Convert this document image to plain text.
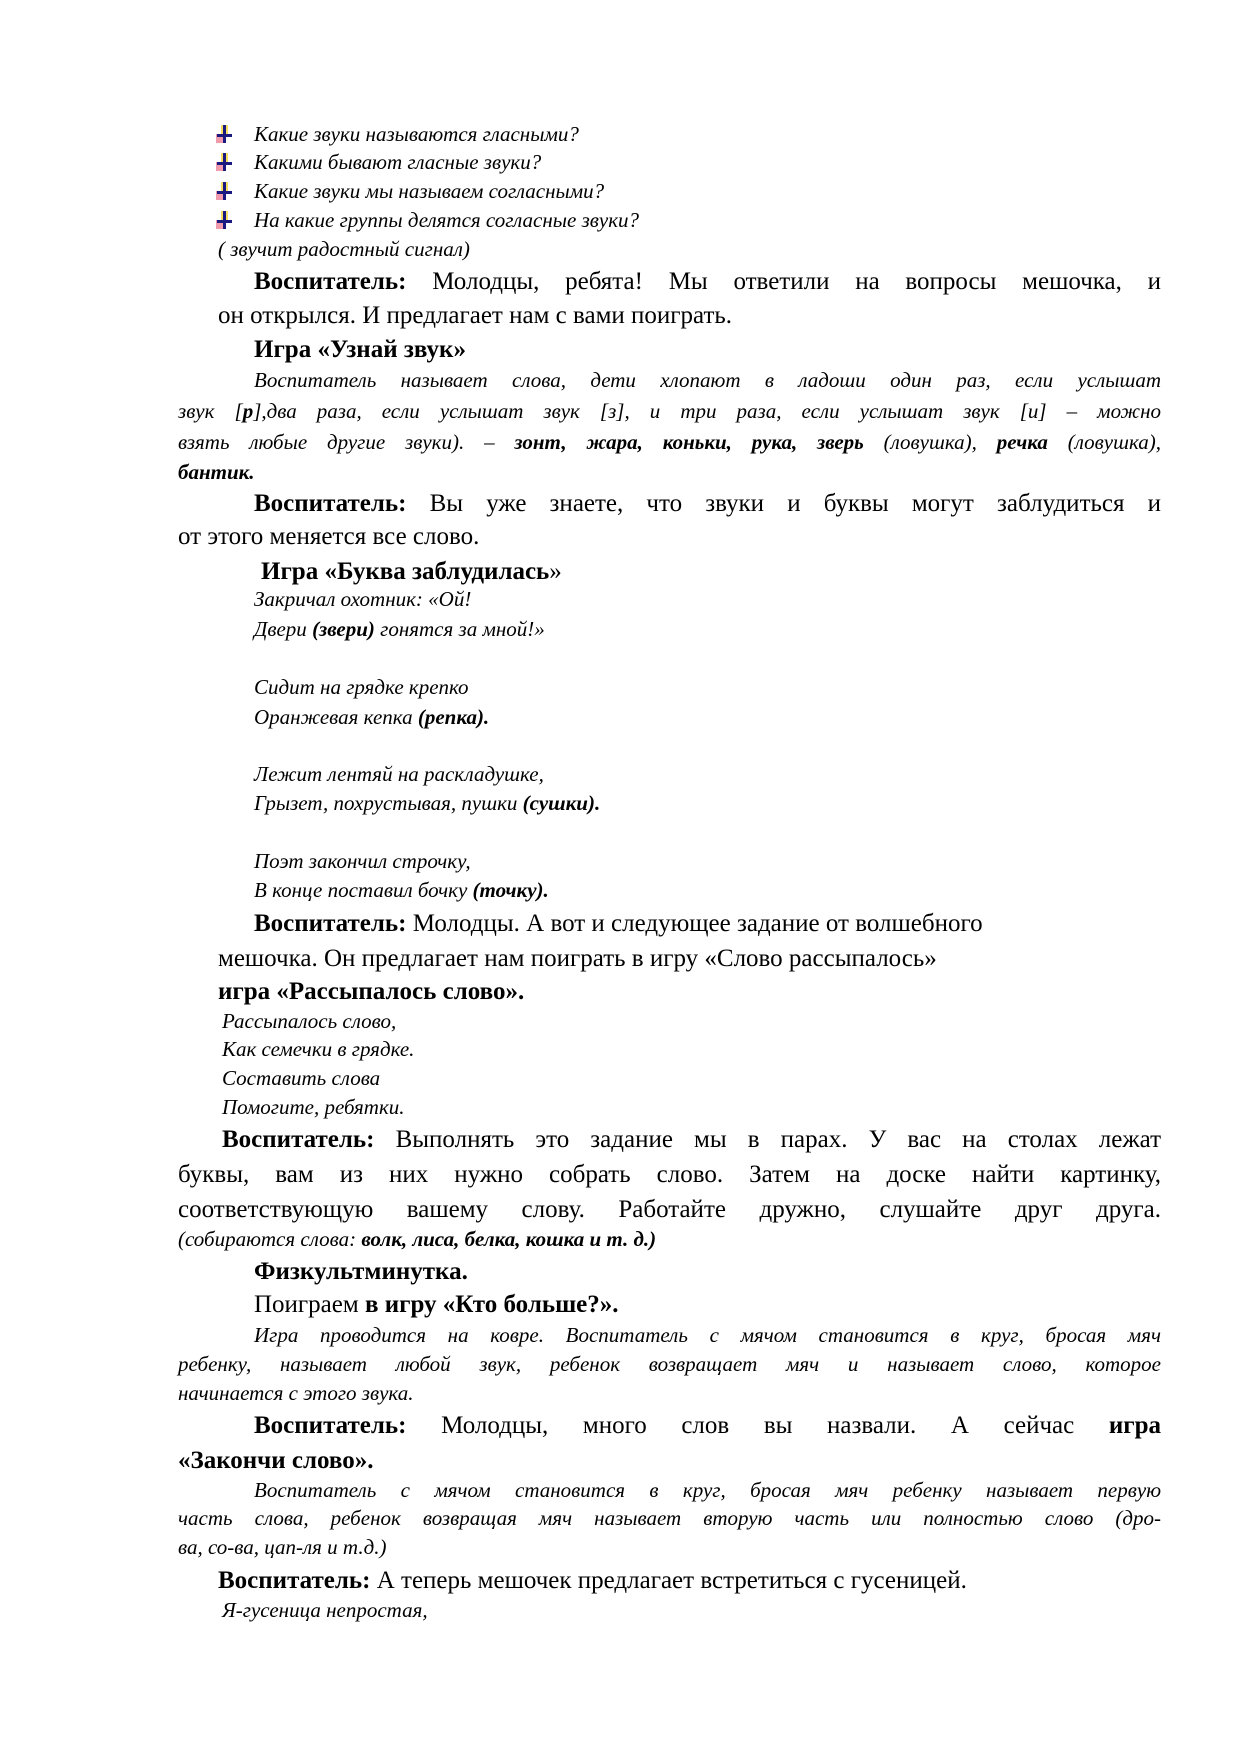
Какие звуки называются гласными?
Какими бывают гласные звуки?
Какие звуки мы называем согласными?
На какие группы делятся согласные звуки?
( звучит радостный сигнал)
Воспитатель: Молодцы, ребята! Мы ответили на вопросы мешочка, и
он открылся. И предлагает нам с вами поиграть.
Игра «Узнай звук»
Воспитатель называет слова, дети хлопают в ладоши один раз, если услышат
звук [р],два раза, если услышат звук [з], и три раза, если услышат звук [и] – можно
взять любые другие звуки). – зонт, жара, коньки, рука, зверь (ловушка), речка (ловушка),
бантик.
Воспитатель: Вы уже знаете, что звуки и буквы могут заблудиться и
от этого меняется все слово.
Игра «Буква заблудилась»
Закричал охотник: «Ой!
Двери (звери) гонятся за мной!»
Сидит на грядке крепко
Оранжевая кепка (репка).
Лежит лентяй на раскладушке,
Грызет, похрустывая, пушки (сушки).
Поэт закончил строчку,
В конце поставил бочку (точку).
Воспитатель: Молодцы. А вот и следующее задание от волшебного
мешочка. Он предлагает нам поиграть в игру «Слово рассыпалось»
игра «Рассыпалось слово».
Рассыпалось слово,
Как семечки в грядке.
Составить слова
Помогите, ребятки.
Воспитатель: Выполнять это задание мы в парах. У вас на столах лежат
буквы, вам из них нужно собрать слово. Затем на доске найти картинку,
соответствующую вашему слову. Работайте дружно, слушайте друг друга.
(собираются слова: волк, лиса, белка, кошка и т. д.)
Физкультминутка.
Поиграем в игру «Кто больше?».
Игра проводится на ковре. Воспитатель с мячом становится в круг, бросая мяч
ребенку, называет любой звук, ребенок возвращает мяч и называет слово, которое
начинается с этого звука.
Воспитатель: Молодцы, много слов вы назвали. А сейчас игра
«Закончи слово».
Воспитатель с мячом становится в круг, бросая мяч ребенку называет первую
часть слова, ребенок возвращая мяч называет вторую часть или полностью слово (дро-
ва, со-ва, цап-ля и т.д.)
Воспитатель: А теперь мешочек предлагает встретиться с гусеницей.
Я-гусеница непростая,
